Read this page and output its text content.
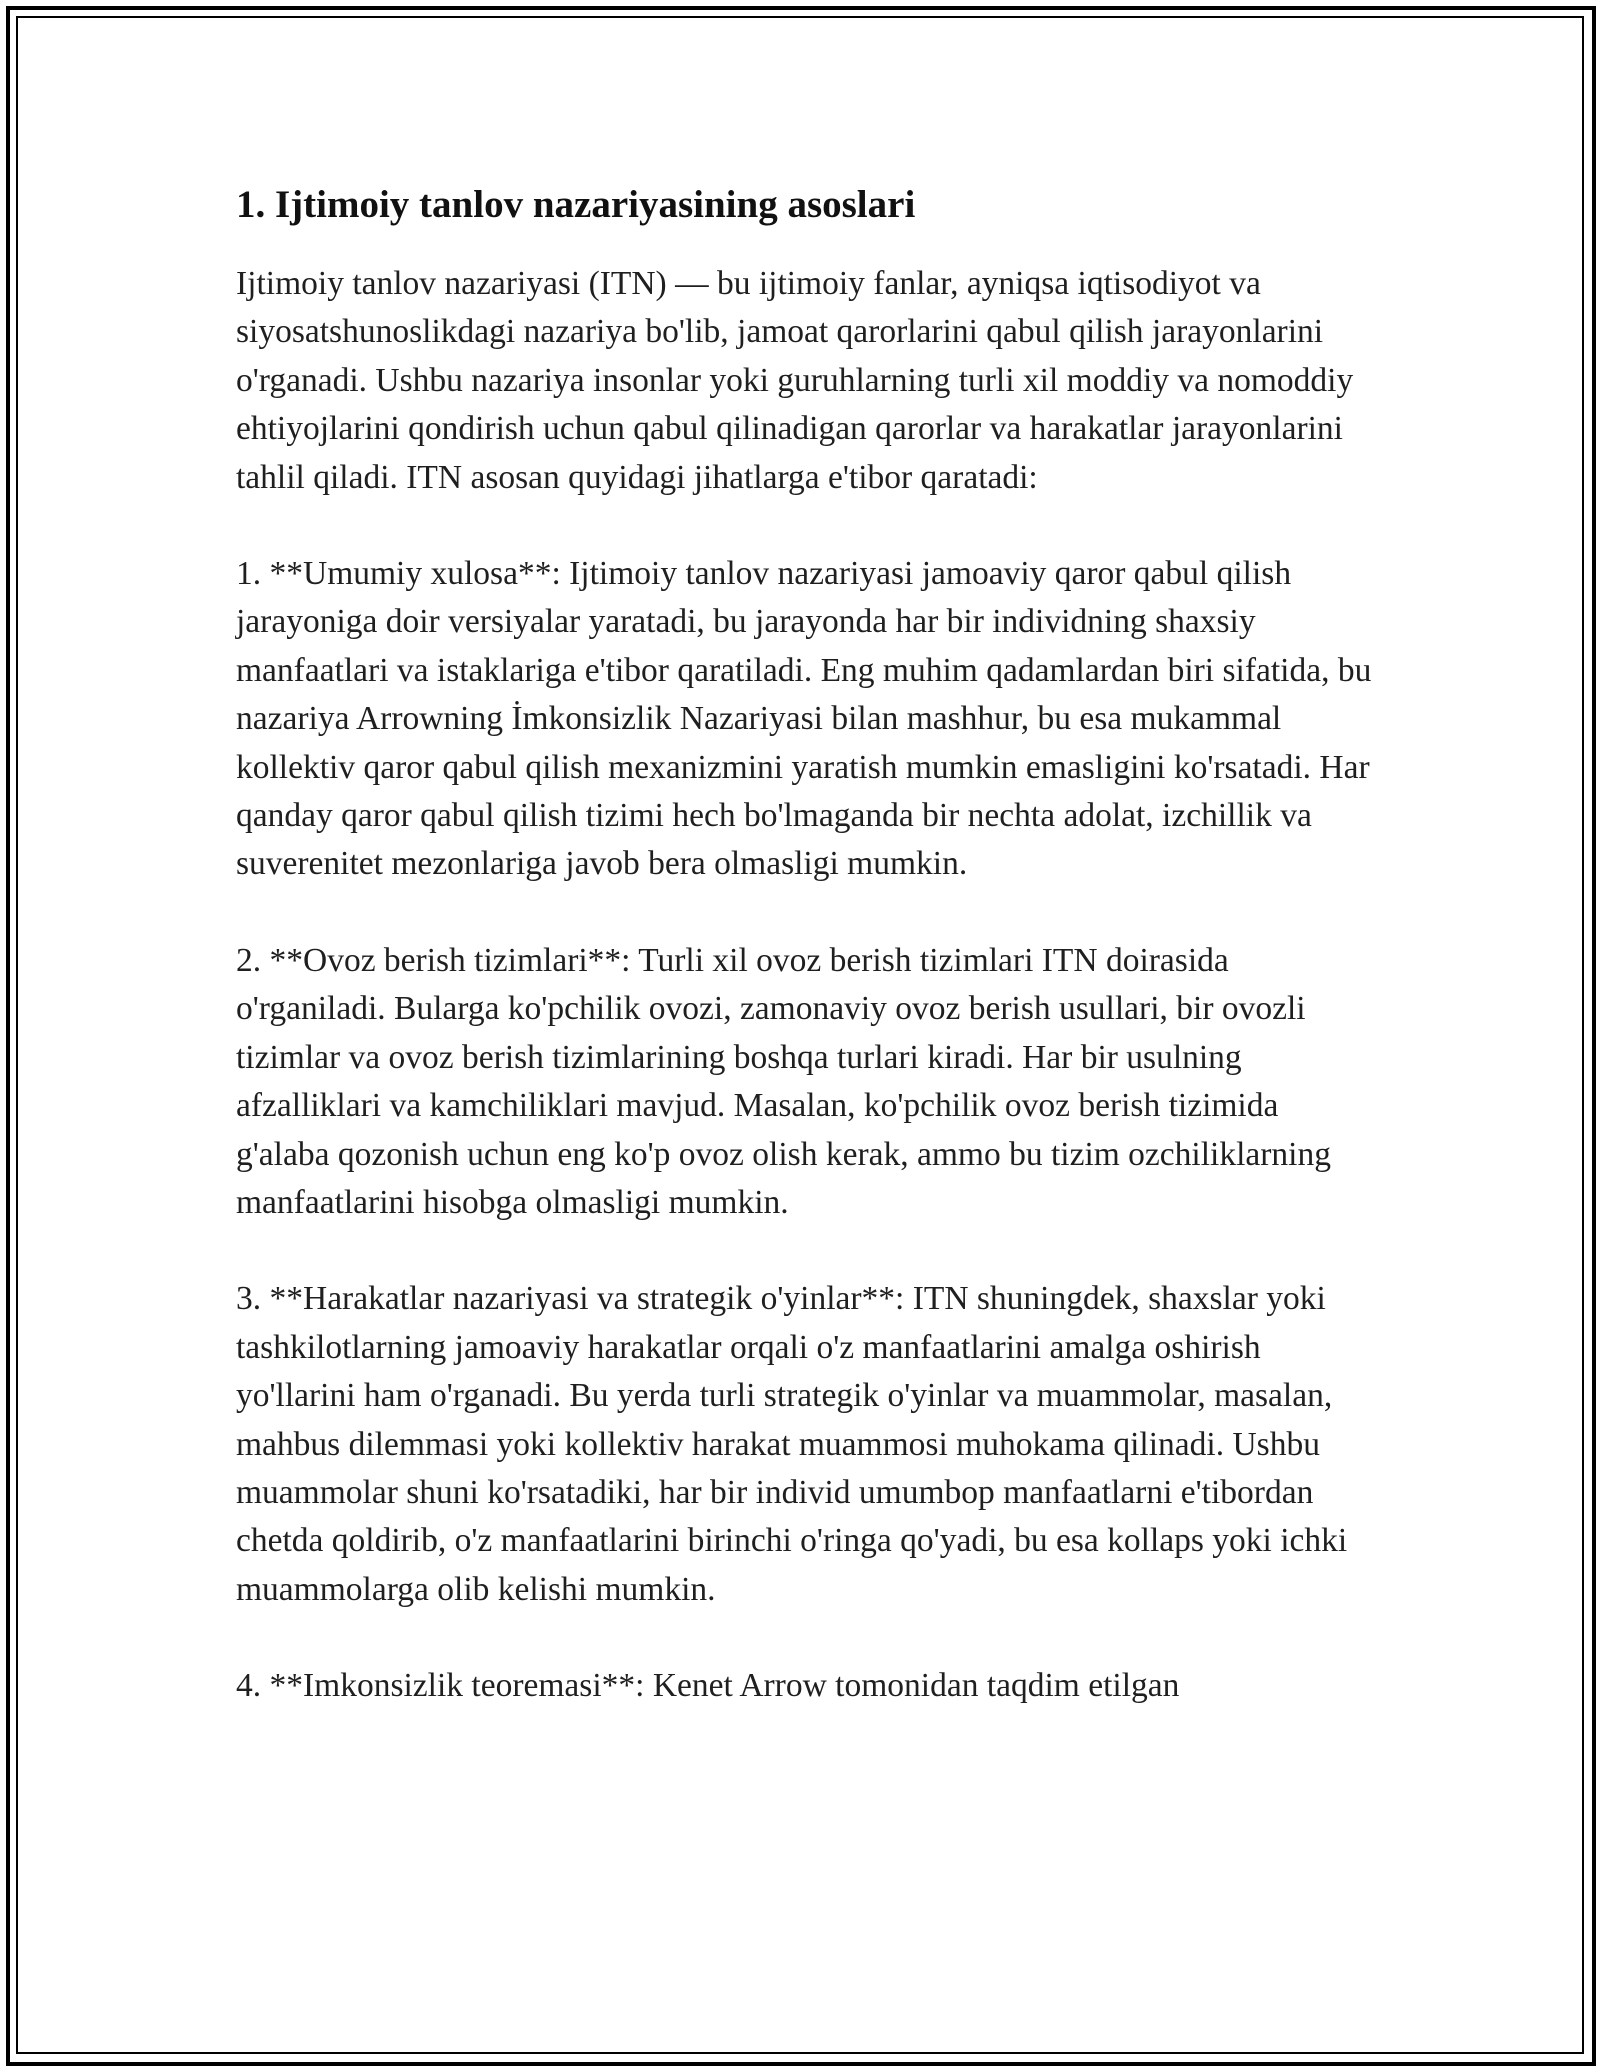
1. Ijtimoiy tanlov nazariyasining asoslari

Ijtimoiy tanlov nazariyasi (ITN) — bu ijtimoiy fanlar, ayniqsa iqtisodiyot va siyosatshunoslikdagi nazariya bo'lib, jamoat qarorlarini qabul qilish jarayonlarini o'rganadi. Ushbu nazariya insonlar yoki guruhlarning turli xil moddiy va nomoddiy ehtiyojlarini qondirish uchun qabul qilinadigan qarorlar va harakatlar jarayonlarini tahlil qiladi. ITN asosan quyidagi jihatlarga e'tibor qaratadi:

1. **Umumiy xulosa**: Ijtimoiy tanlov nazariyasi jamoaviy qaror qabul qilish jarayoniga doir versiyalar yaratadi, bu jarayonda har bir individning shaxsiy manfaatlari va istaklariga e'tibor qaratiladi. Eng muhim qadamlardan biri sifatida, bu nazariya Arrowning İmkonsizlik Nazariyasi bilan mashhur, bu esa mukammal kollektiv qaror qabul qilish mexanizmini yaratish mumkin emasligini ko'rsatadi. Har qanday qaror qabul qilish tizimi hech bo'lmaganda bir nechta adolat, izchillik va suverenitet mezonlariga javob bera olmasligi mumkin.

2. **Ovoz berish tizimlari**: Turli xil ovoz berish tizimlari ITN doirasida o'rganiladi. Bularga ko'pchilik ovozi, zamonaviy ovoz berish usullari, bir ovozli tizimlar va ovoz berish tizimlarining boshqa turlari kiradi. Har bir usulning afzalliklari va kamchiliklari mavjud. Masalan, ko'pchilik ovoz berish tizimida g'alaba qozonish uchun eng ko'p ovoz olish kerak, ammo bu tizim ozchiliklarning manfaatlarini hisobga olmasligi mumkin.

3. **Harakatlar nazariyasi va strategik o'yinlar**: ITN shuningdek, shaxslar yoki tashkilotlarning jamoaviy harakatlar orqali o'z manfaatlarini amalga oshirish yo'llarini ham o'rganadi. Bu yerda turli strategik o'yinlar va muammolar, masalan, mahbus dilemmasi yoki kollektiv harakat muammosi muhokama qilinadi. Ushbu muammolar shuni ko'rsatadiki, har bir individ umumbop manfaatlarni e'tibordan chetda qoldirib, o'z manfaatlarini birinchi o'ringa qo'yadi, bu esa kollaps yoki ichki muammolarga olib kelishi mumkin.

4. **Imkonsizlik teoremasi**: Kenet Arrow tomonidan taqdim etilgan
